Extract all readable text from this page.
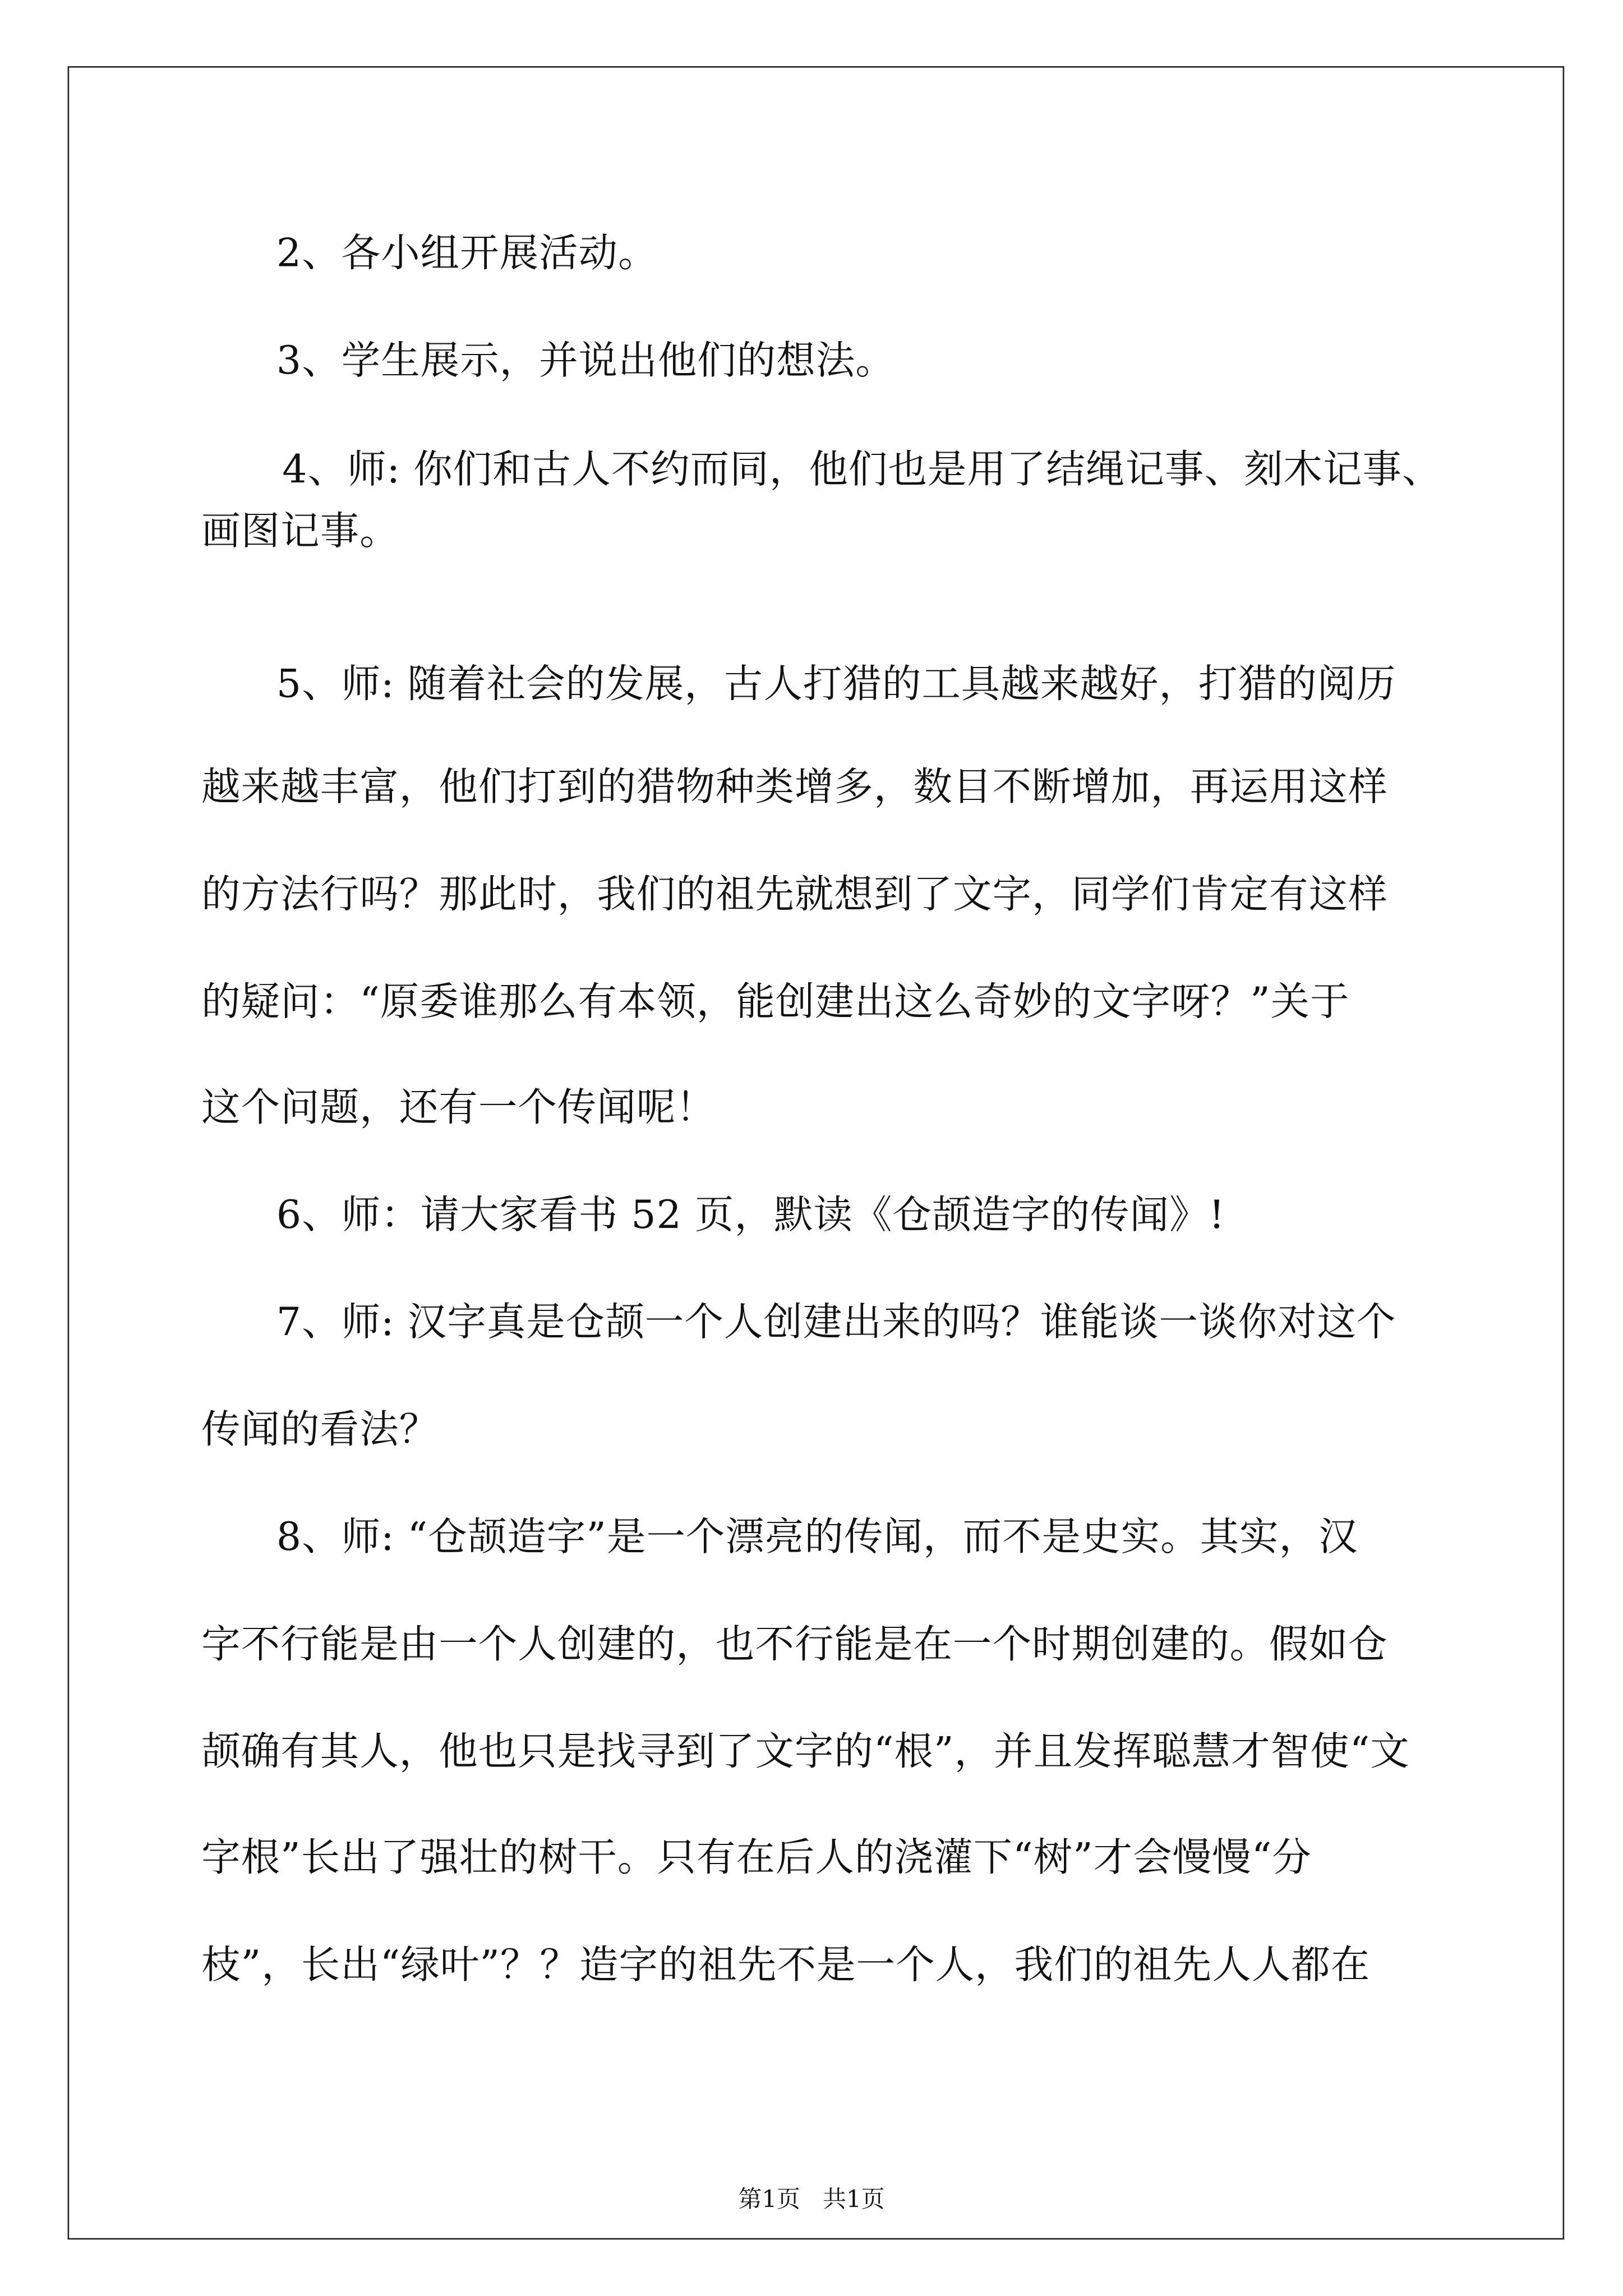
2、各小组开展活动。
3、学生展示，并说出他们的想法。
4、师: 你们和古人不约而同，他们也是用了结绳记事、刻木记事、
画图记事。
5、师: 随着社会的发展，古人打猎的工具越来越好，打猎的阅历
越来越丰富，他们打到的猎物种类增多，数目不断增加，再运用这样
的方法行吗？那此时，我们的祖先就想到了文字，同学们肯定有这样
的疑问：“原委谁那么有本领，能创建出这么奇妙的文字呀？”关于
这个问题，还有一个传闻呢！
6、师：请大家看书 52 页，默读《仓颉造字的传闻》!
7、师: 汉字真是仓颉一个人创建出来的吗？谁能谈一谈你对这个
传闻的看法？
8、师: “仓颉造字”是一个漂亮的传闻，而不是史实。其实，汉
字不行能是由一个人创建的，也不行能是在一个时期创建的。假如仓
颉确有其人，他也只是找寻到了文字的“根”，并且发挥聪慧才智使“文
字根”长出了强壮的树干。只有在后人的浇灌下“树”才会慢慢“分
枝”，长出“绿叶”？？造字的祖先不是一个人，我们的祖先人人都在
第1页   共1页
